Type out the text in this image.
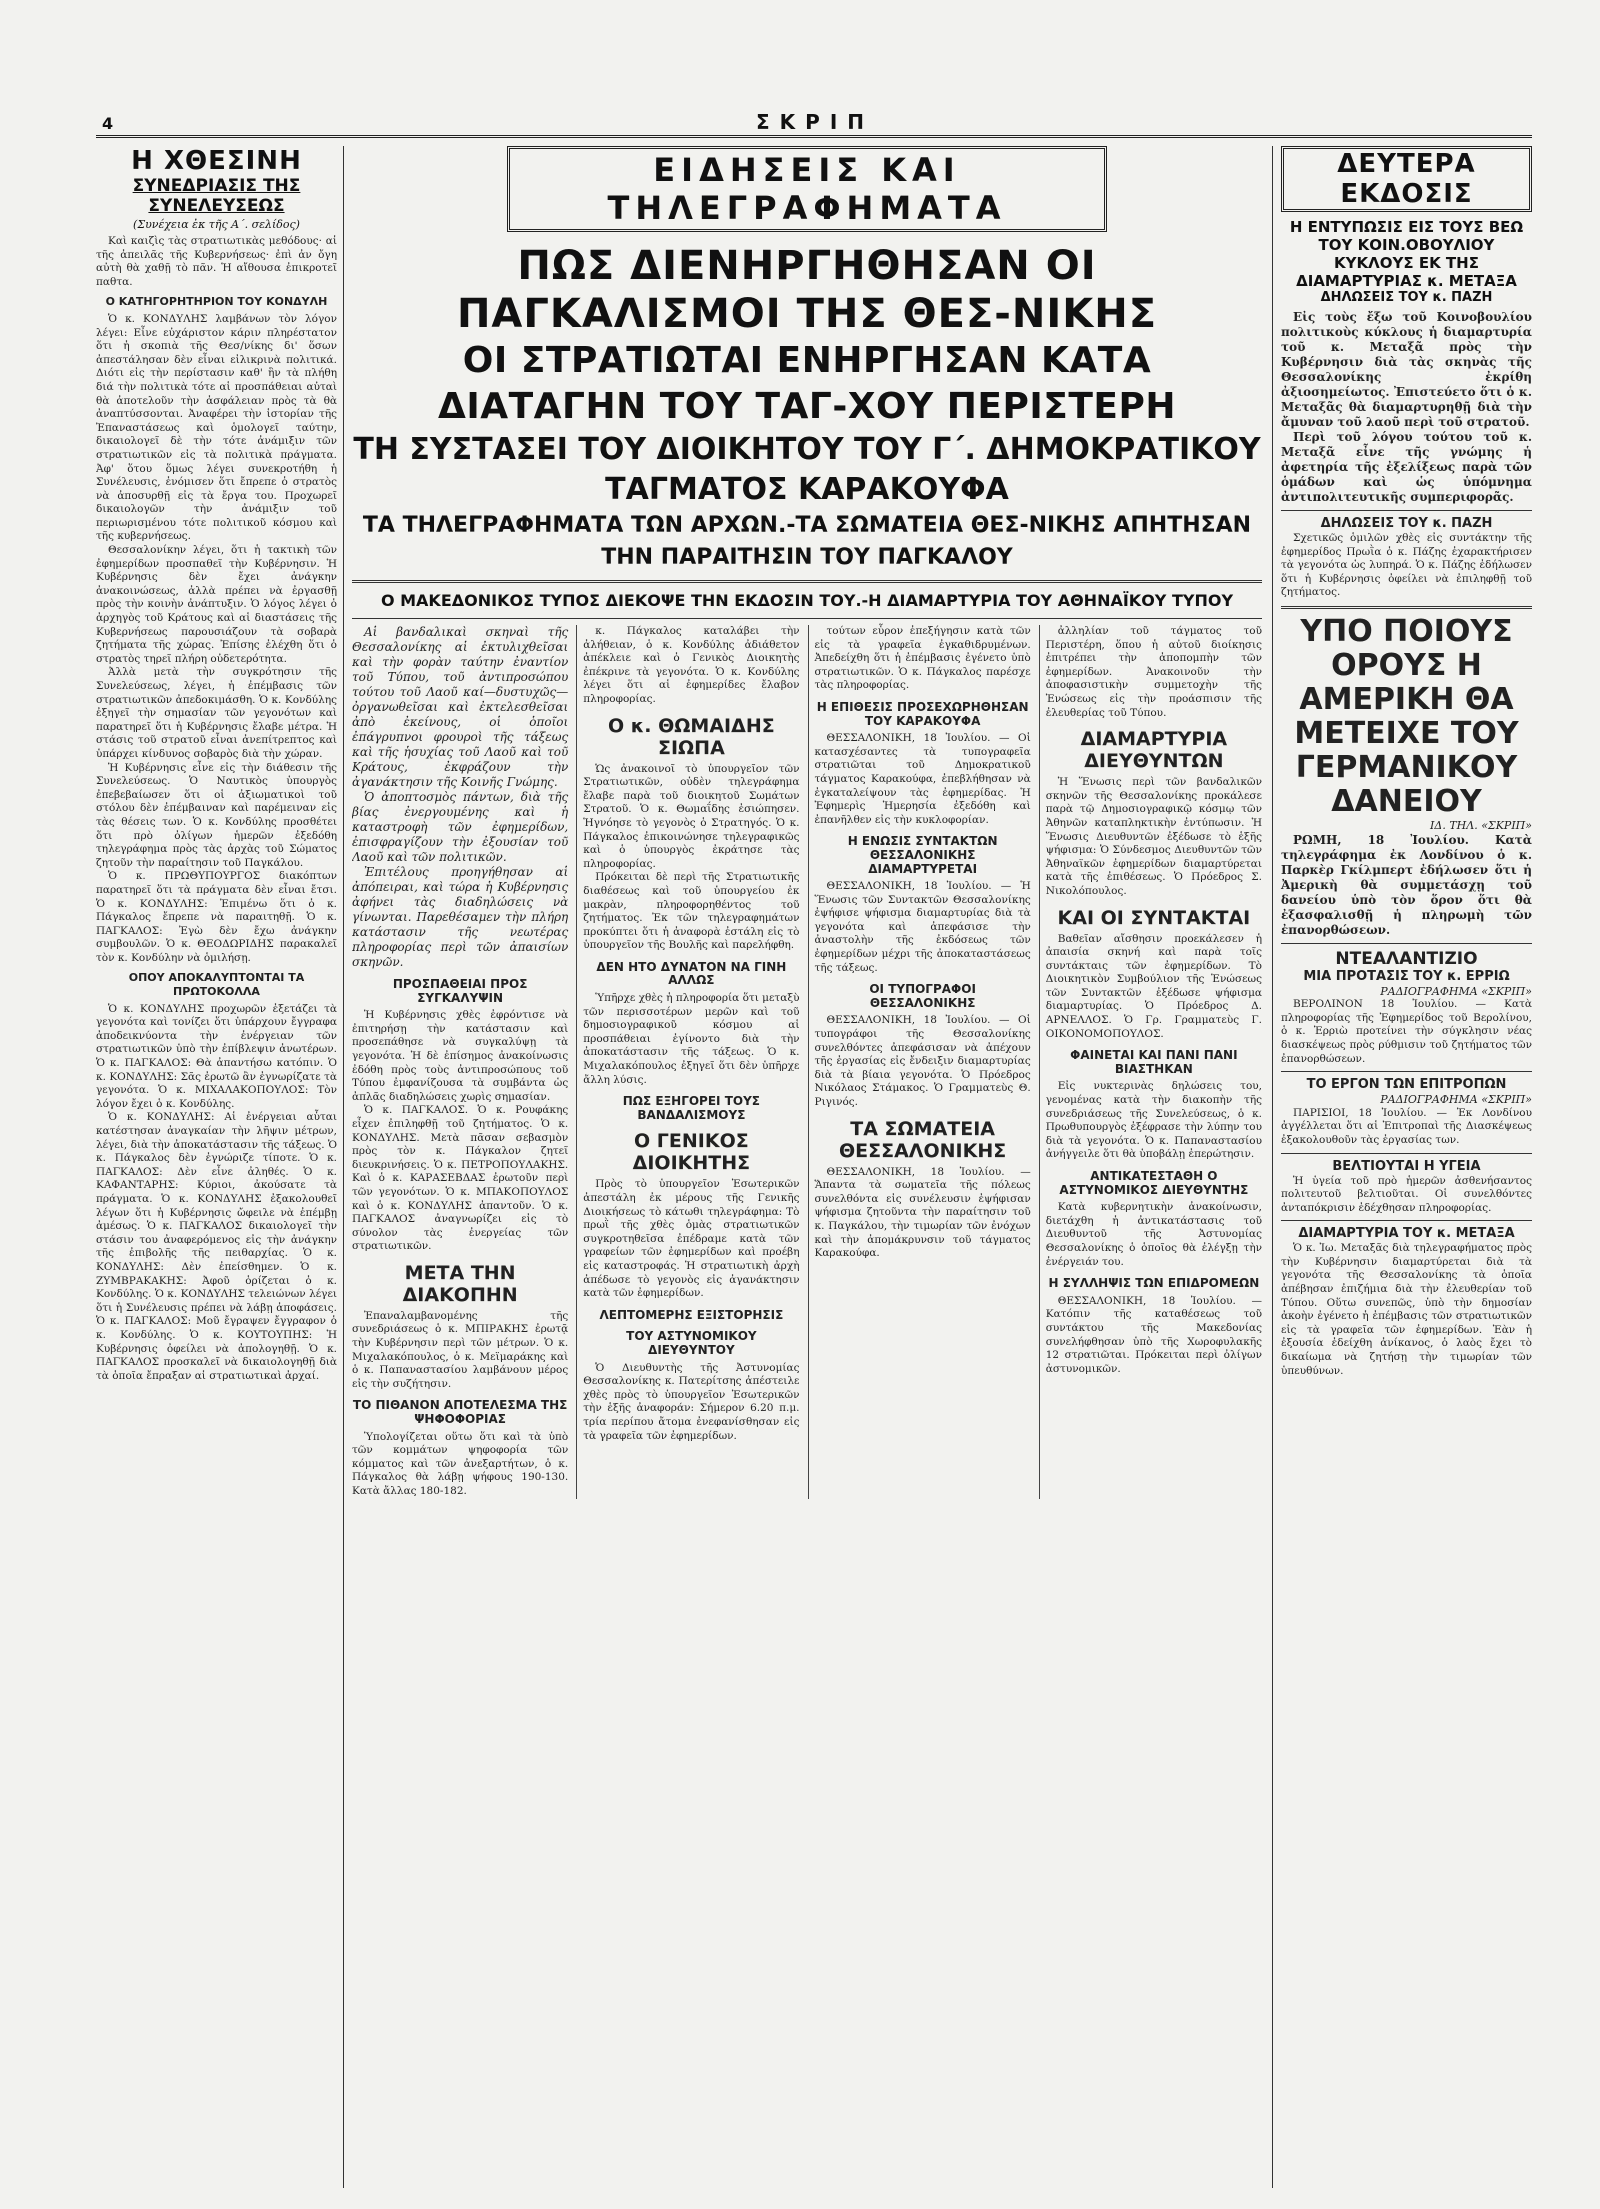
4	ΣΚΡΙΠ
Η ΧΘΕΣΙΝΗ
ΣΥΝΕΔΡΙΑΣΙΣ ΤΗΣ ΣΥΝΕΛΕΥΣΕΩΣ
(Συνέχεια ἐκ τῆς Α΄. σελίδος)

Καὶ καιζὶς τὰς στρατιωτικὰς μεθόδους· αἱ τῆς ἀπειλᾶς τῆς Κυβερνήσεως· ἐπὶ ἀν ὄγη αὐτὴ θὰ χαθῇ τὸ πᾶν. Ἡ αἴθουσα ἐπικροτεῖ παθτα.

Ο ΚΑΤΗΓΟΡΗΤΗΡΙΟΝ ΤΟΥ ΚΟΝΔΥΛΗ

Ὁ κ. ΚΟΝΔΥΛΗΣ λαμβάνων τὸν λόγον λέγει: Εἶνε εὐχάριστον κάριν πληρέστατον ὅτι ἡ σκοπιὰ τῆς Θεσ/νίκης δι' ὅσων ἀπεστάλησαν δὲν εἶναι εἰλικρινὰ πολιτικά. Διότι εἰς τὴν περίστασιν καθ' ἣν τὰ πλήθη διά τὴν πολιτικὰ τότε αἱ προσπάθειαι αὐταὶ θὰ ἀποτελοῦν τὴν ἀσφάλειαν πρὸς τὰ θὰ ἀναπτύσσονται. Ἀναφέρει τὴν ἱστορίαν τῆς Ἐπαναστάσεως καὶ ὁμολογεῖ ταύτην, δικαιολογεῖ δὲ τὴν τότε ἀνάμιξιν τῶν στρατιωτικῶν εἰς τὰ πολιτικὰ πράγματα. Ἀφ' ὅτου ὅμως λέγει συνεκροτήθη ἡ Συνέλευσις, ἐνόμισεν ὅτι ἔπρεπε ὁ στρατὸς νὰ ἀποσυρθῇ εἰς τὰ ἔργα του. Προχωρεῖ δικαιολογῶν τὴν ἀνάμιξιν τοῦ περιωρισμένου τότε πολιτικοῦ κόσμου καὶ τῆς κυβερνήσεως.

Θεσσαλονίκην λέγει, ὅτι ἡ τακτικὴ τῶν ἐφημερίδων προσπαθεῖ τὴν Κυβέρνησιν. Ἡ Κυβέρνησις δὲν ἔχει ἀνάγκην ἀνακοινώσεως, ἀλλὰ πρέπει νὰ ἐργασθῇ πρὸς τὴν κοινὴν ἀνάπτυξιν. Ὁ λόγος λέγει ὁ ἀρχηγὸς τοῦ Κράτους καὶ αἱ διαστάσεις τῆς Κυβερνήσεως παρουσιάζουν τὰ σοβαρὰ ζητήματα τῆς χώρας. Ἐπίσης ἐλέχθη ὅτι ὁ στρατὸς τηρεῖ πλήρη οὐδετερότητα.

Ἀλλὰ μετὰ τὴν συγκρότησιν τῆς Συνελεύσεως, λέγει, ἡ ἐπέμβασις τῶν στρατιωτικῶν ἀπεδοκιμάσθη. Ὁ κ. Κονδύλης ἐξηγεῖ τὴν σημασίαν τῶν γεγονότων καὶ παρατηρεῖ ὅτι ἡ Κυβέρνησις ἔλαβε μέτρα. Ἡ στάσις τοῦ στρατοῦ εἶναι ἀνεπίτρεπτος καὶ ὑπάρχει κίνδυνος σοβαρὸς διὰ τὴν χώραν.

Ἡ Κυβέρνησις εἶνε εἰς τὴν διάθεσιν τῆς Συνελεύσεως. Ὁ Ναυτικὸς ὑπουργὸς ἐπεβεβαίωσεν ὅτι οἱ ἀξιωματικοὶ τοῦ στόλου δὲν ἐπέμβαιναν καὶ παρέμειναν εἰς τὰς θέσεις των. Ὁ κ. Κονδύλης προσθέτει ὅτι πρὸ ὀλίγων ἡμερῶν ἐξεδόθη τηλεγράφημα πρὸς τὰς ἀρχὰς τοῦ Σώματος ζητοῦν τὴν παραίτησιν τοῦ Παγκάλου.

Ὁ κ. ΠΡΩΘΥΠΟΥΡΓΟΣ διακόπτων παρατηρεῖ ὅτι τὰ πράγματα δὲν εἶναι ἔτσι. Ὁ κ. ΚΟΝΔΥΛΗΣ: Ἐπιμένω ὅτι ὁ κ. Πάγκαλος ἔπρεπε νὰ παραιτηθῇ. Ὁ κ. ΠΑΓΚΑΛΟΣ: Ἐγὼ δὲν ἔχω ἀνάγκην συμβουλῶν. Ὁ κ. ΘΕΟΔΩΡΙΔΗΣ παρακαλεῖ τὸν κ. Κονδύλην νὰ ὁμιλήσῃ.

ΟΠΟΥ ΑΠΟΚΑΛΥΠΤΟΝΤΑΙ ΤΑ ΠΡΩΤΟΚΟΛΛΑ

Ὁ κ. ΚΟΝΔΥΛΗΣ προχωρῶν ἐξετάζει τὰ γεγονότα καὶ τονίζει ὅτι ὑπάρχουν ἔγγραφα ἀποδεικνύοντα τὴν ἐνέργειαν τῶν στρατιωτικῶν ὑπὸ τὴν ἐπίβλεψιν ἀνωτέρων. Ὁ κ. ΠΑΓΚΑΛΟΣ: Θὰ ἀπαντήσω κατόπιν. Ὁ κ. ΚΟΝΔΥΛΗΣ: Σᾶς ἐρωτῶ ἂν ἐγνωρίζατε τὰ γεγονότα. Ὁ κ. ΜΙΧΑΛΑΚΟΠΟΥΛΟΣ: Τὸν λόγον ἔχει ὁ κ. Κονδύλης.

Ὁ κ. ΚΟΝΔΥΛΗΣ: Αἱ ἐνέργειαι αὗται κατέστησαν ἀναγκαίαν τὴν λῆψιν μέτρων, λέγει, διὰ τὴν ἀποκατάστασιν τῆς τάξεως. Ὁ κ. Πάγκαλος δὲν ἐγνώριζε τίποτε. Ὁ κ. ΠΑΓΚΑΛΟΣ: Δὲν εἶνε ἀληθές. Ὁ κ. ΚΑΦΑΝΤΑΡΗΣ: Κύριοι, ἀκούσατε τὰ πράγματα. Ὁ κ. ΚΟΝΔΥΛΗΣ ἐξακολουθεῖ λέγων ὅτι ἡ Κυβέρνησις ὤφειλε νὰ ἐπέμβῃ ἀμέσως. Ὁ κ. ΠΑΓΚΑΛΟΣ δικαιολογεῖ τὴν στάσιν του ἀναφερόμενος εἰς τὴν ἀνάγκην τῆς ἐπιβολῆς τῆς πειθαρχίας. Ὁ κ. ΚΟΝΔΥΛΗΣ: Δὲν ἐπείσθημεν. Ὁ κ. ΖΥΜΒΡΑΚΑΚΗΣ: Ἀφοῦ ὁρίζεται ὁ κ. Κονδύλης. Ὁ κ. ΚΟΝΔΥΛΗΣ τελειώνων λέγει ὅτι ἡ Συνέλευσις πρέπει νὰ λάβῃ ἀποφάσεις. Ὁ κ. ΠΑΓΚΑΛΟΣ: Μοῦ ἔγραψεν ἔγγραφον ὁ κ. Κονδύλης. Ὁ κ. ΚΟΥΤΟΥΠΗΣ: Ἡ Κυβέρνησις ὀφείλει νὰ ἀπολογηθῇ. Ὁ κ. ΠΑΓΚΑΛΟΣ προσκαλεῖ νὰ δικαιολογηθῇ διὰ τὰ ὁποῖα ἔπραξαν αἱ στρατιωτικαὶ ἀρχαί.

ΕΙΔΗΣΕΙΣ ΚΑΙ ΤΗΛΕΓΡΑΦΗΜΑΤΑ
ΠΩΣ ΔΙΕΝΗΡΓΗΘΗΣΑΝ ΟΙ ΠΑΓΚΑΛΙΣΜΟΙ ΤΗΣ ΘΕΣ-ΝΙΚΗΣ
ΟΙ ΣΤΡΑΤΙΩΤΑΙ ΕΝΗΡΓΗΣΑΝ ΚΑΤΑ ΔΙΑΤΑΓΗΝ ΤΟΥ ΤΑΓ-ΧΟΥ ΠΕΡΙΣΤΕΡΗ
ΤΗ ΣΥΣΤΑΣΕΙ ΤΟΥ ΔΙΟΙΚΗΤΟΥ ΤΟΥ Γ΄. ΔΗΜΟΚΡΑΤΙΚΟΥ ΤΑΓΜΑΤΟΣ ΚΑΡΑΚΟΥΦΑ
ΤΑ ΤΗΛΕΓΡΑΦΗΜΑΤΑ ΤΩΝ ΑΡΧΩΝ.-ΤΑ ΣΩΜΑΤΕΙΑ ΘΕΣ-ΝΙΚΗΣ ΑΠΗΤΗΣΑΝ ΤΗΝ ΠΑΡΑΙΤΗΣΙΝ ΤΟΥ ΠΑΓΚΑΛΟΥ
Ο ΜΑΚΕΔΟΝΙΚΟΣ ΤΥΠΟΣ ΔΙΕΚΟΨΕ ΤΗΝ ΕΚΔΟΣΙΝ ΤΟΥ.-Η ΔΙΑΜΑΡΤΥΡΙΑ ΤΟΥ ΑΘΗΝΑΪΚΟΥ ΤΥΠΟΥ

Αἱ βανδαλικαὶ σκηναὶ τῆς Θεσσαλονίκης αἱ ἐκτυλιχθεῖσαι καὶ τὴν φορὰν ταύτην ἐναντίον τοῦ Τύπου, τοῦ ἀντιπροσώπου τούτου τοῦ Λαοῦ καί—δυστυχῶς—ὀργανωθεῖσαι καὶ ἐκτελεσθεῖσαι ἀπὸ ἐκείνους, οἱ ὁποῖοι ἐπάγρυπνοι φρουροὶ τῆς τάξεως καὶ τῆς ἡσυχίας τοῦ Λαοῦ καὶ τοῦ Κράτους, ἐκφράζουν τὴν ἀγανάκτησιν τῆς Κοινῆς Γνώμης.

Ὁ ἀποπτοσμὸς πάντων, διὰ τῆς βίας ἐνεργουμένης καὶ ἡ καταστροφὴ τῶν ἐφημερίδων, ἐπισφραγίζουν τὴν ἐξουσίαν τοῦ Λαοῦ καὶ τῶν πολιτικῶν.

Ἐπιτέλους προηγήθησαν αἱ ἀπόπειραι, καὶ τώρα ἡ Κυβέρνησις ἀφήνει τὰς διαδηλώσεις νὰ γίνωνται. Παρεθέσαμεν τὴν πλήρη κατάστασιν τῆς νεωτέρας πληροφορίας περὶ τῶν ἀπαισίων σκηνῶν.

ΠΡΟΣΠΑΘΕΙΑΙ ΠΡΟΣ ΣΥΓΚΑΛΥΨΙΝ

Ἡ Κυβέρνησις χθὲς ἐφρόντισε νὰ ἐπιτηρήσῃ τὴν κατάστασιν καὶ προσεπάθησε νὰ συγκαλύψῃ τὰ γεγονότα. Ἡ δὲ ἐπίσημος ἀνακοίνωσις ἐδόθη πρὸς τοὺς ἀντιπροσώπους τοῦ Τύπου ἐμφανίζουσα τὰ συμβάντα ὡς ἀπλᾶς διαδηλώσεις χωρὶς σημασίαν.

Ὁ κ. ΠΑΓΚΑΛΟΣ. Ὁ κ. Ρουφάκης εἶχεν ἐπιληφθῇ τοῦ ζητήματος. Ὁ κ. ΚΟΝΔΥΛΗΣ. Μετὰ πᾶσαν σεβασμὸν πρὸς τὸν κ. Πάγκαλον ζητεῖ διευκρινήσεις. Ὁ κ. ΠΕΤΡΟΠΟΥΛΑΚΗΣ. Καὶ ὁ κ. ΚΑΡΑΣΕΒΔΑΣ ἐρωτοῦν περὶ τῶν γεγονότων. Ὁ κ. ΜΠΑΚΟΠΟΥΛΟΣ καὶ ὁ κ. ΚΟΝΔΥΛΗΣ ἀπαντοῦν. Ὁ κ. ΠΑΓΚΑΛΟΣ ἀναγνωρίζει εἰς τὸ σύνολον τὰς ἐνεργείας τῶν στρατιωτικῶν.

ΜΕΤΑ ΤΗΝ ΔΙΑΚΟΠΗΝ

Ἐπαναλαμβανομένης τῆς συνεδριάσεως ὁ κ. ΜΠΙΡΑΚΗΣ ἐρωτᾷ τὴν Κυβέρνησιν περὶ τῶν μέτρων. Ὁ κ. Μιχαλακόπουλος, ὁ κ. Μεϊμαράκης καὶ ὁ κ. Παπαναστασίου λαμβάνουν μέρος εἰς τὴν συζήτησιν.

ΤΟ ΠΙΘΑΝΟΝ ΑΠΟΤΕΛΕΣΜΑ ΤΗΣ ΨΗΦΟΦΟΡΙΑΣ

Ὑπολογίζεται οὕτω ὅτι καὶ τὰ ὑπὸ τῶν κομμάτων ψηφοφορία τῶν κόμματος καὶ τῶν ἀνεξαρτήτων, ὁ κ. Πάγκαλος θὰ λάβῃ ψήφους 190-130. Κατὰ ἄλλας 180-182.

κ. Πάγκαλος καταλάβει τὴν ἀλήθειαν, ὁ κ. Κονδύλης ἀδιάθετον ἀπέκλειε καὶ ὁ Γενικὸς Διοικητὴς ἐπέκρινε τὰ γεγονότα. Ὁ κ. Κονδύλης λέγει ὅτι αἱ ἐφημερίδες ἔλαβον πληροφορίας.

Ο κ. ΘΩΜΑΙΔΗΣ ΣΙΩΠΑ

Ὡς ἀνακοινοῖ τὸ ὑπουργεῖον τῶν Στρατιωτικῶν, οὐδὲν τηλεγράφημα ἔλαβε παρὰ τοῦ διοικητοῦ Σωμάτων Στρατοῦ. Ὁ κ. Θωμαΐδης ἐσιώπησεν. Ἡγνόησε τὸ γεγονὸς ὁ Στρατηγός. Ὁ κ. Πάγκαλος ἐπικοινώνησε τηλεγραφικῶς καὶ ὁ ὑπουργὸς ἐκράτησε τὰς πληροφορίας.

Πρόκειται δὲ περὶ τῆς Στρατιωτικῆς διαθέσεως καὶ τοῦ ὑπουργείου ἐκ μακρὰν, πληροφορηθέντος τοῦ ζητήματος. Ἐκ τῶν τηλεγραφημάτων προκύπτει ὅτι ἡ ἀναφορὰ ἐστάλη εἰς τὸ ὑπουργεῖον τῆς Βουλῆς καὶ παρελήφθη.

ΔΕΝ ΗΤΟ ΔΥΝΑΤΟΝ ΝΑ ΓΙΝΗ ΑΛΛΩΣ

Ὑπῆρχε χθὲς ἡ πληροφορία ὅτι μεταξὺ τῶν περισσοτέρων μερῶν καὶ τοῦ δημοσιογραφικοῦ κόσμου αἱ προσπάθειαι ἐγίνοντο διὰ τὴν ἀποκατάστασιν τῆς τάξεως. Ὁ κ. Μιχαλακόπουλος ἐξηγεῖ ὅτι δὲν ὑπῆρχε ἄλλη λύσις.

ΠΩΣ ΕΞΗΓΟΡΕΙ ΤΟΥΣ ΒΑΝΔΑΛΙΣΜΟΥΣ
Ο ΓΕΝΙΚΟΣ ΔΙΟΙΚΗΤΗΣ

Πρὸς τὸ ὑπουργεῖον Ἐσωτερικῶν ἀπεστάλη ἐκ μέρους τῆς Γενικῆς Διοικήσεως τὸ κάτωθι τηλεγράφημα: Τὸ πρωῒ τῆς χθὲς ὁμὰς στρατιωτικῶν συγκροτηθεῖσα ἐπέδραμε κατὰ τῶν γραφείων τῶν ἐφημερίδων καὶ προέβη εἰς καταστροφάς. Ἡ στρατιωτικὴ ἀρχὴ ἀπέδωσε τὸ γεγονὸς εἰς ἀγανάκτησιν κατὰ τῶν ἐφημερίδων.

ΛΕΠΤΟΜΕΡΗΣ ΕΞΙΣΤΟΡΗΣΙΣ
ΤΟΥ ΑΣΤΥΝΟΜΙΚΟΥ ΔΙΕΥΘΥΝΤΟΥ

Ὁ Διευθυντὴς τῆς Ἀστυνομίας Θεσσαλονίκης κ. Πατερίτσης ἀπέστειλε χθὲς πρὸς τὸ ὑπουργεῖον Ἐσωτερικῶν τὴν ἑξῆς ἀναφοράν: Σήμερον 6.20 π.μ. τρία περίπου ἄτομα ἐνεφανίσθησαν εἰς τὰ γραφεῖα τῶν ἐφημερίδων.

τούτων εὗρον ἐπεξήγησιν κατὰ τῶν εἰς τὰ γραφεῖα ἐγκαθιδρυμένων. Ἀπεδείχθη ὅτι ἡ ἐπέμβασις ἐγένετο ὑπὸ στρατιωτικῶν. Ὁ κ. Πάγκαλος παρέσχε τὰς πληροφορίας.

Η ΕΠΙΘΕΣΙΣ ΠΡΟΣΕΧΩΡΗΘΗΣΑΝ ΤΟΥ ΚΑΡΑΚΟΥΦΑ

ΘΕΣΣΑΛΟΝΙΚΗ, 18 Ἰουλίου. — Οἱ κατασχέσαντες τὰ τυπογραφεῖα στρατιῶται τοῦ Δημοκρατικοῦ τάγματος Καρακούφα, ἐπεβλήθησαν νὰ ἐγκαταλείψουν τὰς ἐφημερίδας. Ἡ Ἐφημερὶς Ἡμερησία ἐξεδόθη καὶ ἐπανῆλθεν εἰς τὴν κυκλοφορίαν.

Η ΕΝΩΣΙΣ ΣΥΝΤΑΚΤΩΝ ΘΕΣΣΑΛΟΝΙΚΗΣ ΔΙΑΜΑΡΤΥΡΕΤΑΙ

ΘΕΣΣΑΛΟΝΙΚΗ, 18 Ἰουλίου. — Ἡ Ἕνωσις τῶν Συντακτῶν Θεσσαλονίκης ἐψήφισε ψήφισμα διαμαρτυρίας διὰ τὰ γεγονότα καὶ ἀπεφάσισε τὴν ἀναστολὴν τῆς ἐκδόσεως τῶν ἐφημερίδων μέχρι τῆς ἀποκαταστάσεως τῆς τάξεως.

ΟΙ ΤΥΠΟΓΡΑΦΟΙ ΘΕΣΣΑΛΟΝΙΚΗΣ

ΘΕΣΣΑΛΟΝΙΚΗ, 18 Ἰουλίου. — Οἱ τυπογράφοι τῆς Θεσσαλονίκης συνελθόντες ἀπεφάσισαν νὰ ἀπέχουν τῆς ἐργασίας εἰς ἔνδειξιν διαμαρτυρίας διὰ τὰ βίαια γεγονότα. Ὁ Πρόεδρος Νικόλαος Στάμακος. Ὁ Γραμματεὺς Θ. Ριγινός.

ΤΑ ΣΩΜΑΤΕΙΑ ΘΕΣΣΑΛΟΝΙΚΗΣ

ΘΕΣΣΑΛΟΝΙΚΗ, 18 Ἰουλίου. — Ἅπαντα τὰ σωματεῖα τῆς πόλεως συνελθόντα εἰς συνέλευσιν ἐψήφισαν ψήφισμα ζητοῦντα τὴν παραίτησιν τοῦ κ. Παγκάλου, τὴν τιμωρίαν τῶν ἐνόχων καὶ τὴν ἀπομάκρυνσιν τοῦ τάγματος Καρακούφα.

ἀλληλίαν τοῦ τάγματος τοῦ Περιστέρη, ὅπου ἡ αὐτοῦ διοίκησις ἐπιτρέπει τὴν ἀποπομπὴν τῶν ἐφημερίδων. Ἀνακοινοῦν τὴν ἀποφασιστικὴν συμμετοχὴν τῆς Ἐνώσεως εἰς τὴν προάσπισιν τῆς ἐλευθερίας τοῦ Τύπου.

ΔΙΑΜΑΡΤΥΡΙΑ ΔΙΕΥΘΥΝΤΩΝ

Ἡ Ἕνωσις περὶ τῶν βανδαλικῶν σκηνῶν τῆς Θεσσαλονίκης προκάλεσε παρὰ τῷ Δημοσιογραφικῷ κόσμῳ τῶν Ἀθηνῶν καταπληκτικὴν ἐντύπωσιν. Ἡ Ἕνωσις Διευθυντῶν ἐξέδωσε τὸ ἑξῆς ψήφισμα: Ὁ Σύνδεσμος Διευθυντῶν τῶν Ἀθηναϊκῶν ἐφημερίδων διαμαρτύρεται κατὰ τῆς ἐπιθέσεως. Ὁ Πρόεδρος Σ. Νικολόπουλος.

ΚΑΙ ΟΙ ΣΥΝΤΑΚΤΑΙ

Βαθεῖαν αἴσθησιν προεκάλεσεν ἡ ἀπαισία σκηνή καὶ παρὰ τοῖς συντάκταις τῶν ἐφημερίδων. Τὸ Διοικητικὸν Συμβούλιον τῆς Ἑνώσεως τῶν Συντακτῶν ἐξέδωσε ψήφισμα διαμαρτυρίας. Ὁ Πρόεδρος Δ. ΑΡΝΕΛΛΟΣ. Ὁ Γρ. Γραμματεὺς Γ. ΟΙΚΟΝΟΜΟΠΟΥΛΟΣ.

ΦΑΙΝΕΤΑΙ ΚΑΙ ΠΑΝΙ ΠΑΝΙ ΒΙΑΣΤΗΚΑΝ

Εἰς νυκτερινὰς δηλώσεις του, γενομένας κατὰ τὴν διακοπὴν τῆς συνεδριάσεως τῆς Συνελεύσεως, ὁ κ. Πρωθυπουργὸς ἐξέφρασε τὴν λύπην του διὰ τὰ γεγονότα. Ὁ κ. Παπαναστασίου ἀνήγγειλε ὅτι θὰ ὑποβάλῃ ἐπερώτησιν.

ΑΝΤΙΚΑΤΕΣΤΑΘΗ Ο ΑΣΤΥΝΟΜΙΚΟΣ ΔΙΕΥΘΥΝΤΗΣ

Κατὰ κυβερνητικὴν ἀνακοίνωσιν, διετάχθη ἡ ἀντικατάστασις τοῦ Διευθυντοῦ τῆς Ἀστυνομίας Θεσσαλονίκης ὁ ὁποῖος θὰ ἐλέγξῃ τὴν ἐνέργειάν του.

Η ΣΥΛΛΗΨΙΣ ΤΩΝ ΕΠΙΔΡΟΜΕΩΝ

ΘΕΣΣΑΛΟΝΙΚΗ, 18 Ἰουλίου. — Κατόπιν τῆς καταθέσεως τοῦ συντάκτου τῆς Μακεδονίας συνελήφθησαν ὑπὸ τῆς Χωροφυλακῆς 12 στρατιῶται. Πρόκειται περὶ ὀλίγων ἀστυνομικῶν.

ΔΕΥΤΕΡΑ ΕΚΔΟΣΙΣ
Η ΕΝΤΥΠΩΣΙΣ ΕΙΣ ΤΟΥΣ ΒΕΩ ΤΟΥ ΚΟΙΝ.ΟΒΟΥΛΙΟΥ ΚΥΚΛΟΥΣ ΕΚ ΤΗΣ ΔΙΑΜΑΡΤΥΡΙΑΣ κ. ΜΕΤΑΞΑ
ΔΗΛΩΣΕΙΣ ΤΟΥ κ. ΠΑΖΗ

Εἰς τοὺς ἔξω τοῦ Κοινοβουλίου πολιτικοὺς κύκλους ἡ διαμαρτυρία τοῦ κ. Μεταξᾶ πρὸς τὴν Κυβέρνησιν διὰ τὰς σκηνὰς τῆς Θεσσαλονίκης ἐκρίθη ἀξιοσημείωτος. Ἐπιστεύετο ὅτι ὁ κ. Μεταξᾶς θὰ διαμαρτυρηθῇ διὰ τὴν ἄμυναν τοῦ λαοῦ περὶ τοῦ στρατοῦ.

Περὶ τοῦ λόγου τούτου τοῦ κ. Μεταξᾶ εἶνε τῆς γνώμης ἡ ἀφετηρία τῆς ἐξελίξεως παρὰ τῶν ὁμάδων καὶ ὡς ὑπόμνημα ἀντιπολιτευτικῆς συμπεριφορᾶς.

ΔΗΛΩΣΕΙΣ ΤΟΥ κ. ΠΑΖΗ

Σχετικῶς ὁμιλῶν χθὲς εἰς συντάκτην τῆς ἐφημερίδος Πρωῒα ὁ κ. Πάζης ἐχαρακτήρισεν τὰ γεγονότα ὡς λυπηρά. Ὁ κ. Πάζης ἐδήλωσεν ὅτι ἡ Κυβέρνησις ὀφείλει νὰ ἐπιληφθῇ τοῦ ζητήματος.

ΥΠΟ ΠΟΙΟΥΣ ΟΡΟΥΣ Η ΑΜΕΡΙΚΗ ΘΑ ΜΕΤΕΙΧΕ ΤΟΥ ΓΕΡΜΑΝΙΚΟΥ ΔΑΝΕΙΟΥ
ΙΔ. ΤΗΛ. «ΣΚΡΙΠ»

ΡΩΜΗ, 18 Ἰουλίου. Κατὰ τηλεγράφημα ἐκ Λονδίνου ὁ κ. Παρκὲρ Γκίλμπερτ ἐδήλωσεν ὅτι ἡ Ἀμερικὴ θὰ συμμετάσχῃ τοῦ δανείου ὑπὸ τὸν ὅρον ὅτι θὰ ἐξασφαλισθῇ ἡ πληρωμὴ τῶν ἐπανορθώσεων.

ΝΤΕΑΛΑΝΤΙΖΙΟ
ΜΙΑ ΠΡΟΤΑΣΙΣ ΤΟΥ κ. ΕΡΡΙΩ
ΡΑΔΙΟΓΡΑΦΗΜΑ «ΣΚΡΙΠ»

ΒΕΡΟΛΙΝΟΝ 18 Ἰουλίου. — Κατὰ πληροφορίας τῆς Ἐφημερίδος τοῦ Βερολίνου, ὁ κ. Ἑρριὼ προτείνει τὴν σύγκλησιν νέας διασκέψεως πρὸς ρύθμισιν τοῦ ζητήματος τῶν ἐπανορθώσεων.

ΤΟ ΕΡΓΟΝ ΤΩΝ ΕΠΙΤΡΟΠΩΝ
ΡΑΔΙΟΓΡΑΦΗΜΑ «ΣΚΡΙΠ»

ΠΑΡΙΣΙΟΙ, 18 Ἰουλίου. — Ἐκ Λονδίνου ἀγγέλλεται ὅτι αἱ Ἐπιτροπαὶ τῆς Διασκέψεως ἐξακολουθοῦν τὰς ἐργασίας των.

ΒΕΛΤΙΟΥΤΑΙ Η ΥΓΕΙΑ

Ἡ ὑγεία τοῦ πρὸ ἡμερῶν ἀσθενήσαντος πολιτευτοῦ βελτιοῦται. Οἱ συνελθόντες ἀνταπόκρισιν ἐδέχθησαν πληροφορίας.

ΔΙΑΜΑΡΤΥΡΙΑ ΤΟΥ κ. ΜΕΤΑΞΑ

Ὁ κ. Ἰω. Μεταξᾶς διὰ τηλεγραφήματος πρὸς τὴν Κυβέρνησιν διαμαρτύρεται διὰ τὰ γεγονότα τῆς Θεσσαλονίκης τὰ ὁποῖα ἀπέβησαν ἐπιζήμια διὰ τὴν ἐλευθερίαν τοῦ Τύπου. Οὕτω συνεπῶς, ὑπὸ τὴν δημοσίαν ἀκοὴν ἐγένετο ἡ ἐπέμβασις τῶν στρατιωτικῶν εἰς τὰ γραφεῖα τῶν ἐφημερίδων. Ἐὰν ἡ ἐξουσία ἐδείχθη ἀνίκανος, ὁ λαὸς ἔχει τὸ δικαίωμα νὰ ζητήσῃ τὴν τιμωρίαν τῶν ὑπευθύνων.
